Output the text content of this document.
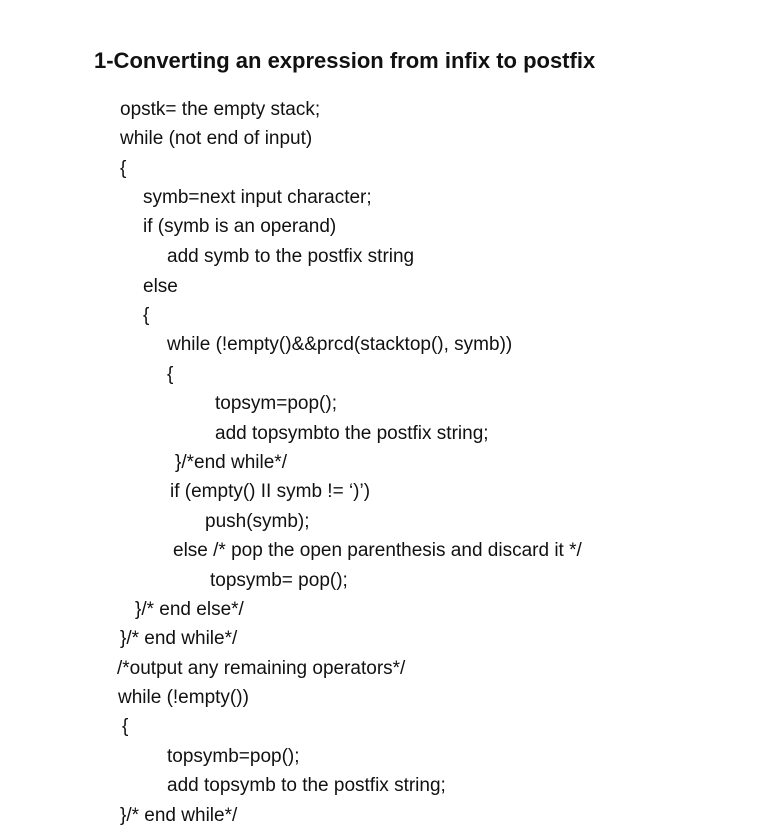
1-Converting an expression from infix to postfix
opstk= the empty stack;
while (not end of input)
{
symb=next input character;
if (symb is an operand)
add symb to the postfix string
else
{
while (!empty()&&prcd(stacktop(), symb))
{
topsym=pop();
add topsymbto the postfix string;
}/*end while*/
if (empty() II symb != ‘)’)
push(symb);
else /* pop the open parenthesis and discard it */
topsymb= pop();
}/* end else*/
}/* end while*/
/*output any remaining operators*/
while (!empty())
{
topsymb=pop();
add topsymb to the postfix string;
}/* end while*/
